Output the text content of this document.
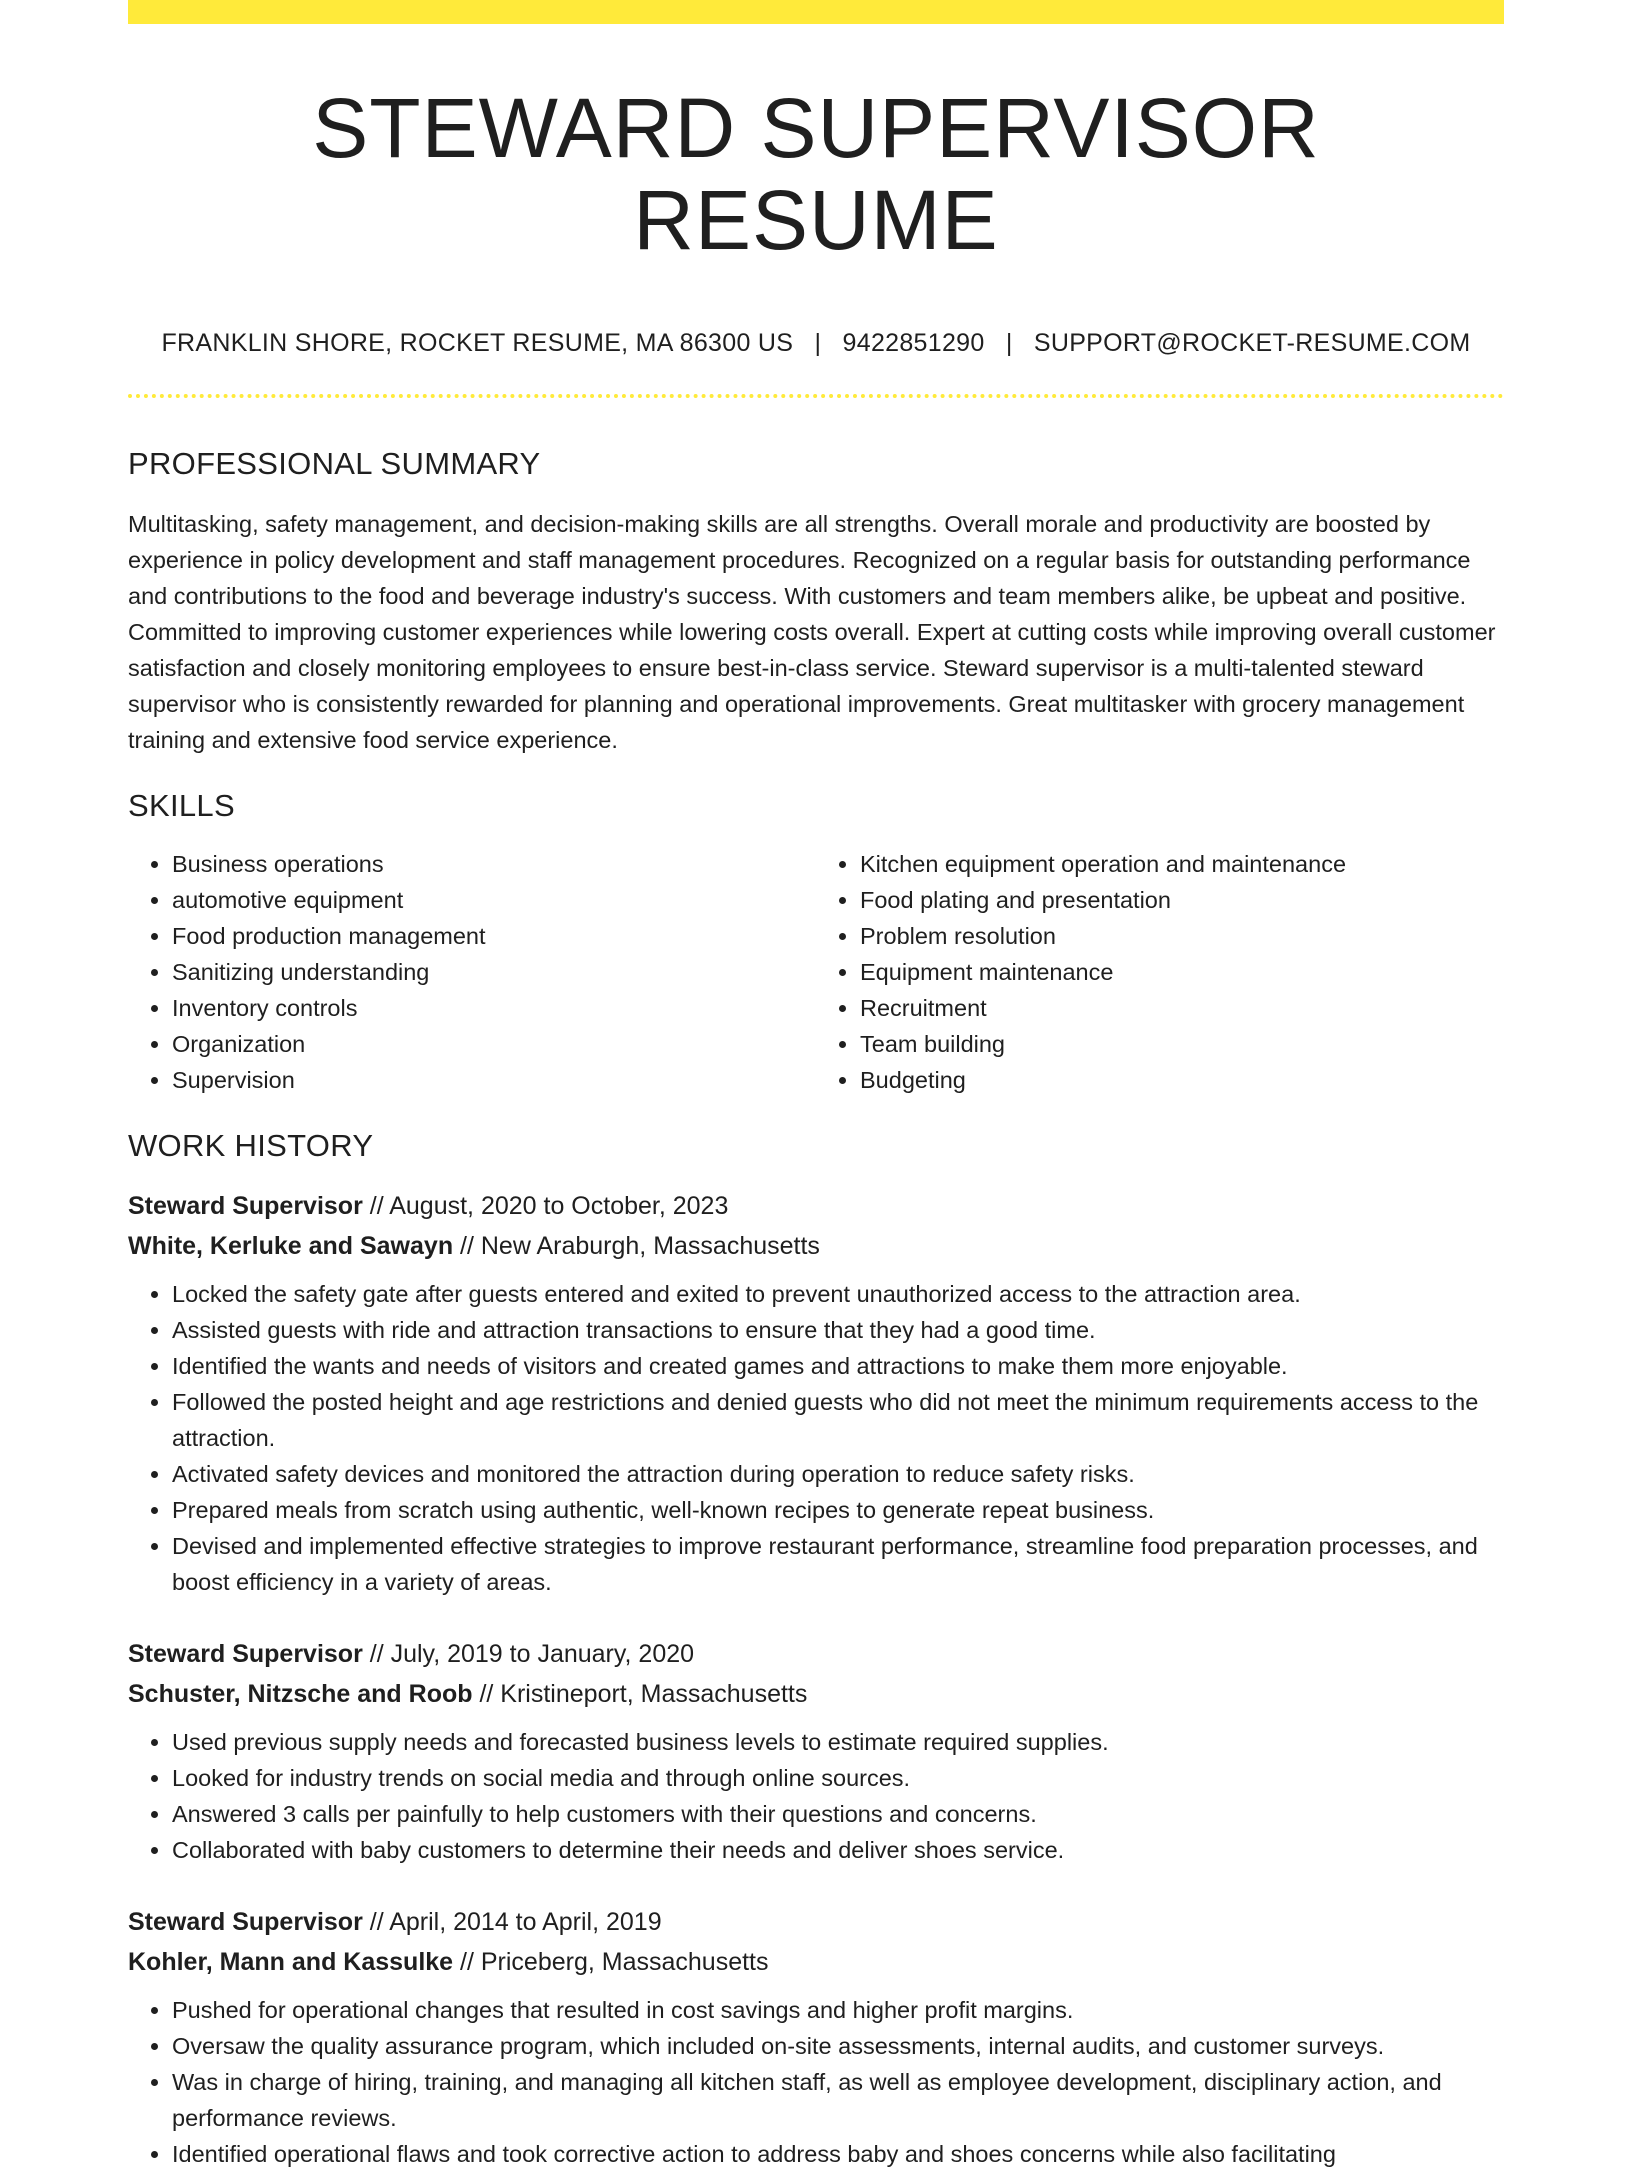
STEWARD SUPERVISOR RESUME
FRANKLIN SHORE, ROCKET RESUME, MA 86300 US | 9422851290 | SUPPORT@ROCKET-RESUME.COM
PROFESSIONAL SUMMARY

Multitasking, safety management, and decision-making skills are all strengths. Overall morale and productivity are boosted by experience in policy development and staff management procedures. Recognized on a regular basis for outstanding performance and contributions to the food and beverage industry's success. With customers and team members alike, be upbeat and positive. Committed to improving customer experiences while lowering costs overall. Expert at cutting costs while improving overall customer satisfaction and closely monitoring employees to ensure best-in-class service. Steward supervisor is a multi-talented steward supervisor who is consistently rewarded for planning and operational improvements. Great multitasker with grocery management training and extensive food service experience.

SKILLS
• Business operations
• automotive equipment
• Food production management
• Sanitizing understanding
• Inventory controls
• Organization
• Supervision
• Kitchen equipment operation and maintenance
• Food plating and presentation
• Problem resolution
• Equipment maintenance
• Recruitment
• Team building
• Budgeting
WORK HISTORY
Steward Supervisor // August, 2020 to October, 2023
White, Kerluke and Sawayn // New Araburgh, Massachusetts
• Locked the safety gate after guests entered and exited to prevent unauthorized access to the attraction area.
• Assisted guests with ride and attraction transactions to ensure that they had a good time.
• Identified the wants and needs of visitors and created games and attractions to make them more enjoyable.
• Followed the posted height and age restrictions and denied guests who did not meet the minimum requirements access to the attraction.
• Activated safety devices and monitored the attraction during operation to reduce safety risks.
• Prepared meals from scratch using authentic, well-known recipes to generate repeat business.
• Devised and implemented effective strategies to improve restaurant performance, streamline food preparation processes, and boost efficiency in a variety of areas.
Steward Supervisor // July, 2019 to January, 2020
Schuster, Nitzsche and Roob // Kristineport, Massachusetts
• Used previous supply needs and forecasted business levels to estimate required supplies.
• Looked for industry trends on social media and through online sources.
• Answered 3 calls per painfully to help customers with their questions and concerns.
• Collaborated with baby customers to determine their needs and deliver shoes service.
Steward Supervisor // April, 2014 to April, 2019
Kohler, Mann and Kassulke // Priceberg, Massachusetts
• Pushed for operational changes that resulted in cost savings and higher profit margins.
• Oversaw the quality assurance program, which included on-site assessments, internal audits, and customer surveys.
• Was in charge of hiring, training, and managing all kitchen staff, as well as employee development, disciplinary action, and performance reviews.
• Identified operational flaws and took corrective action to address baby and shoes concerns while also facilitating
